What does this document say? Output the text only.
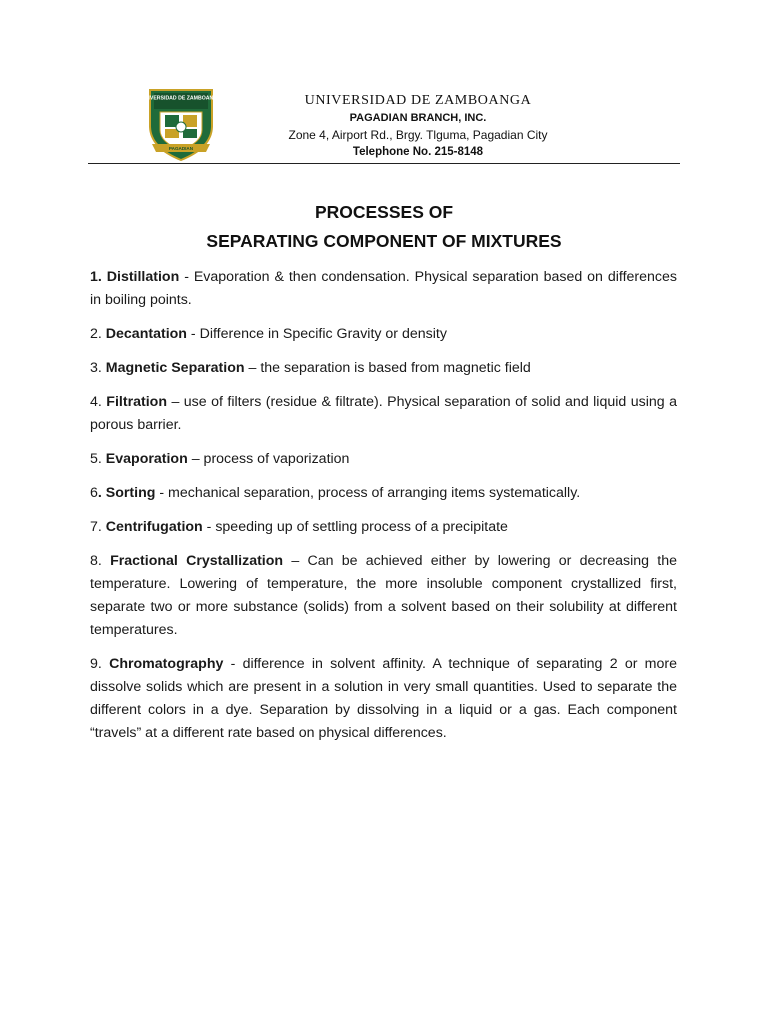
UNIVERSIDAD DE ZAMBOANGA
PAGADIAN
UNIVERSIDAD DE ZAMBOANGA
PAGADIAN BRANCH, INC.
Zone 4, Airport Rd., Brgy. Tlguma, Pagadian City
Telephone No. 215-8148
PROCESSES OF
SEPARATING COMPONENT OF MIXTURES

1. Distillation - Evaporation & then condensation. Physical separation based on differences in boiling points.

2. Decantation - Difference in Specific Gravity or density

3. Magnetic Separation – the separation is based from magnetic field

4. Filtration – use of filters (residue & filtrate). Physical separation of solid and liquid using a porous barrier.

5. Evaporation – process of vaporization

6. Sorting - mechanical separation, process of arranging items systematically.

7. Centrifugation - speeding up of settling process of a precipitate

8. Fractional Crystallization – Can be achieved either by lowering or decreasing the temperature. Lowering of temperature, the more insoluble component crystallized first, separate two or more substance (solids) from a solvent based on their solubility at different temperatures.

9. Chromatography - difference in solvent affinity. A technique of separating 2 or more dissolve solids which are present in a solution in very small quantities. Used to separate the different colors in a dye. Separation by dissolving in a liquid or a gas. Each component “travels” at a different rate based on physical differences.
